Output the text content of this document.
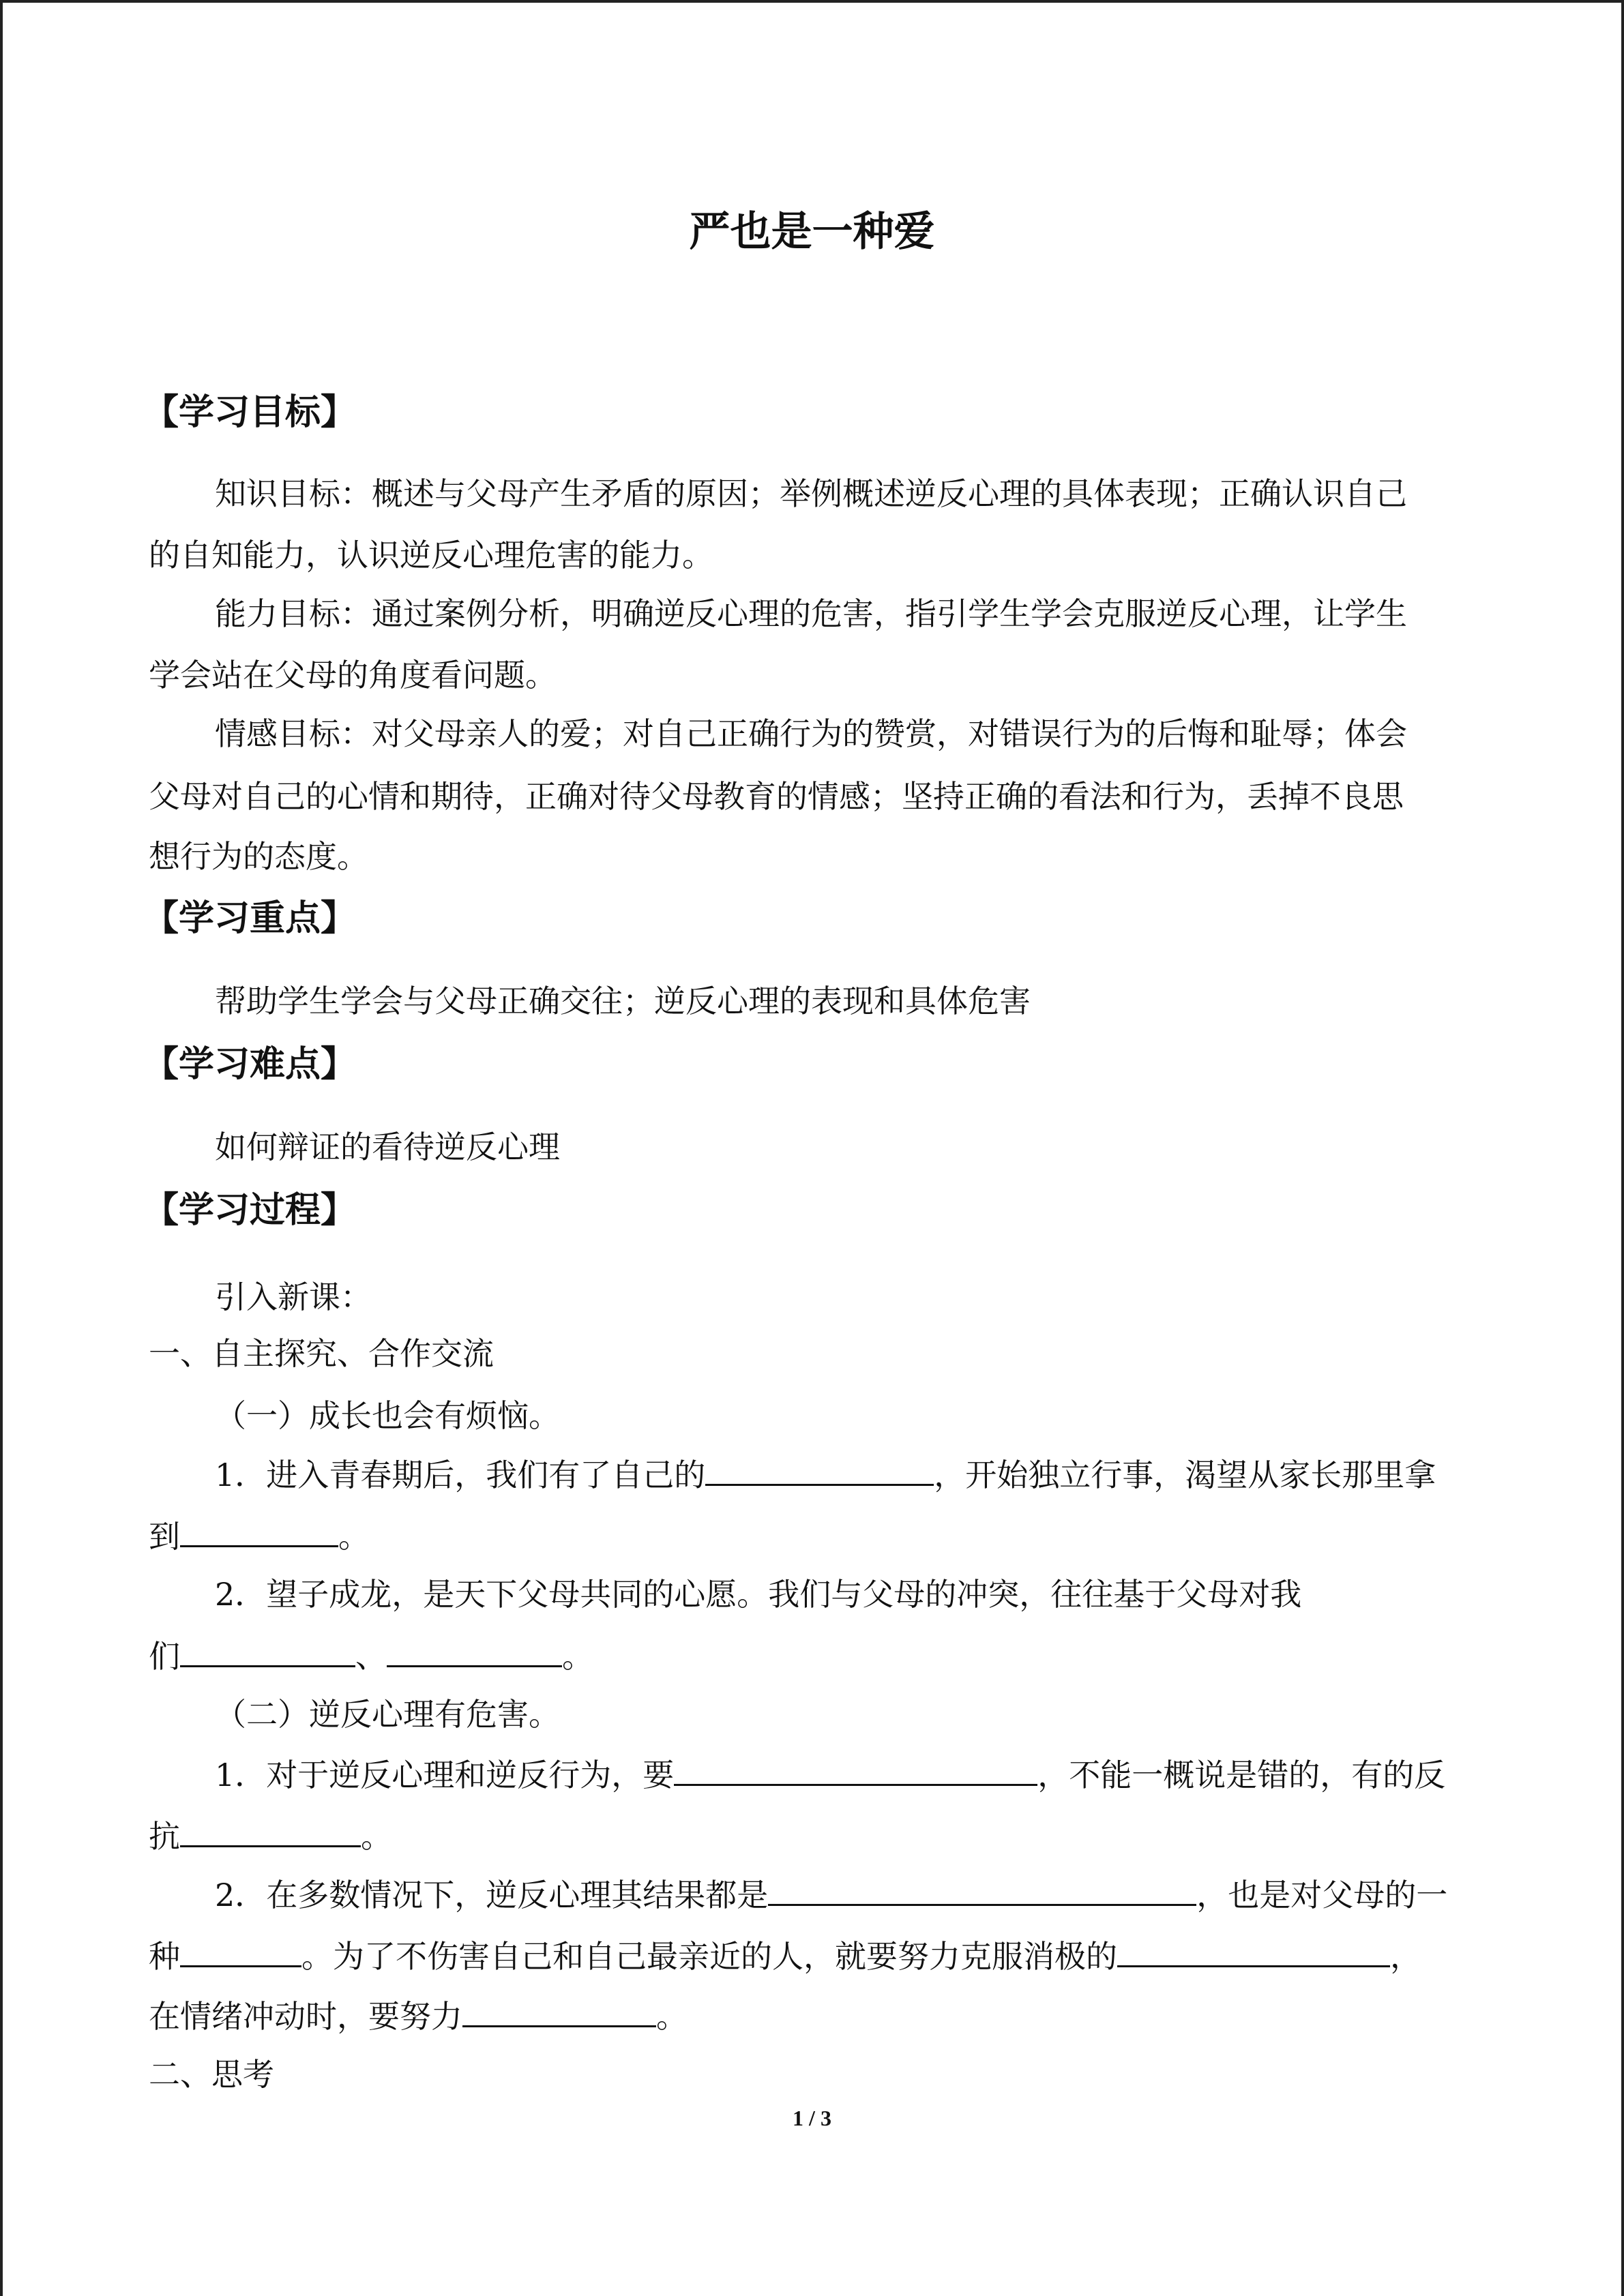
严也是一种爱
【学习目标】
知识目标：概述与父母产生矛盾的原因；举例概述逆反心理的具体表现；正确认识自己
的自知能力，认识逆反心理危害的能力。
能力目标：通过案例分析，明确逆反心理的危害，指引学生学会克服逆反心理，让学生
学会站在父母的角度看问题。
情感目标：对父母亲人的爱；对自己正确行为的赞赏，对错误行为的后悔和耻辱；体会
父母对自己的心情和期待，正确对待父母教育的情感；坚持正确的看法和行为，丢掉不良思
想行为的态度。
【学习重点】
帮助学生学会与父母正确交往；逆反心理的表现和具体危害
【学习难点】
如何辩证的看待逆反心理
【学习过程】
引入新课：
一、自主探究、合作交流
（一）成长也会有烦恼。
1．进入青春期后，我们有了自己的	，开始独立行事，渴望从家长那里拿
到	。
2．望子成龙，是天下父母共同的心愿。我们与父母的冲突，往往基于父母对我
们	、	。
（二）逆反心理有危害。
1．对于逆反心理和逆反行为，要	，不能一概说是错的，有的反
抗	。
2．在多数情况下，逆反心理其结果都是	，也是对父母的一
种	。为了不伤害自己和自己最亲近的人，就要努力克服消极的	，
在情绪冲动时，要努力	。
二、思考
1 / 3
